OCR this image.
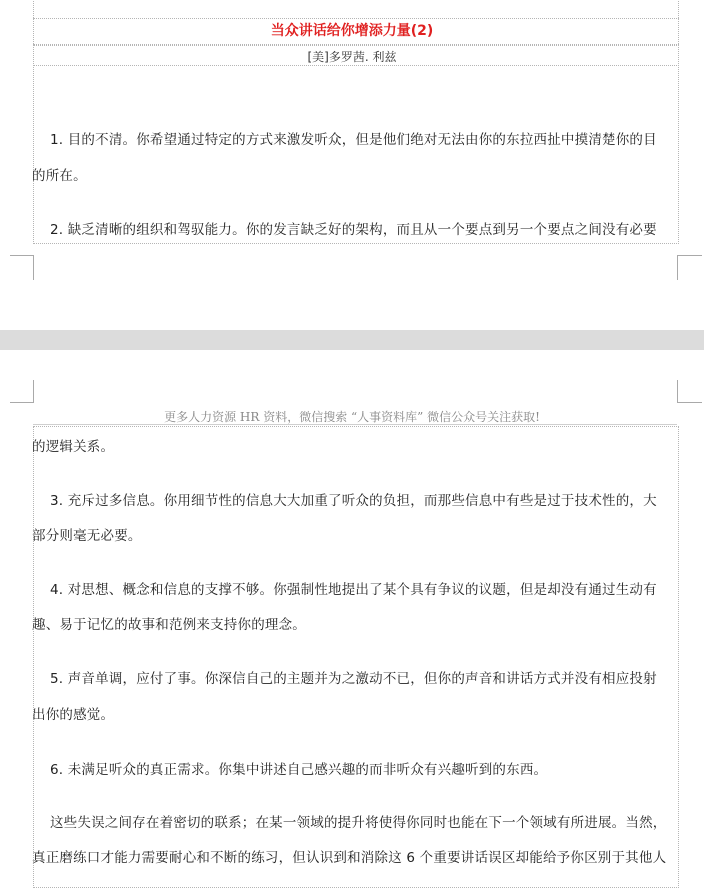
当众讲话给你增添力量(2)
[美]多罗茜. 利兹
1. 目的不清。你希望通过特定的方式来激发听众，但是他们绝对无法由你的东拉西扯中摸清楚你的目
的所在。
2. 缺乏清晰的组织和驾驭能力。你的发言缺乏好的架构，而且从一个要点到另一个要点之间没有必要
更多人力资源 HR 资料，微信搜索 “人事资料库” 微信公众号关注获取!
的逻辑关系。
3. 充斥过多信息。你用细节性的信息大大加重了听众的负担，而那些信息中有些是过于技术性的，大
部分则毫无必要。
4. 对思想、概念和信息的支撑不够。你强制性地提出了某个具有争议的议题，但是却没有通过生动有
趣、易于记忆的故事和范例来支持你的理念。
5. 声音单调，应付了事。你深信自己的主题并为之激动不已，但你的声音和讲话方式并没有相应投射
出你的感觉。
6. 未满足听众的真正需求。你集中讲述自己感兴趣的而非听众有兴趣听到的东西。
这些失误之间存在着密切的联系；在某一领域的提升将使得你同时也能在下一个领域有所进展。当然，
真正磨练口才能力需要耐心和不断的练习，但认识到和消除这 6 个重要讲话误区却能给予你区别于其他人
